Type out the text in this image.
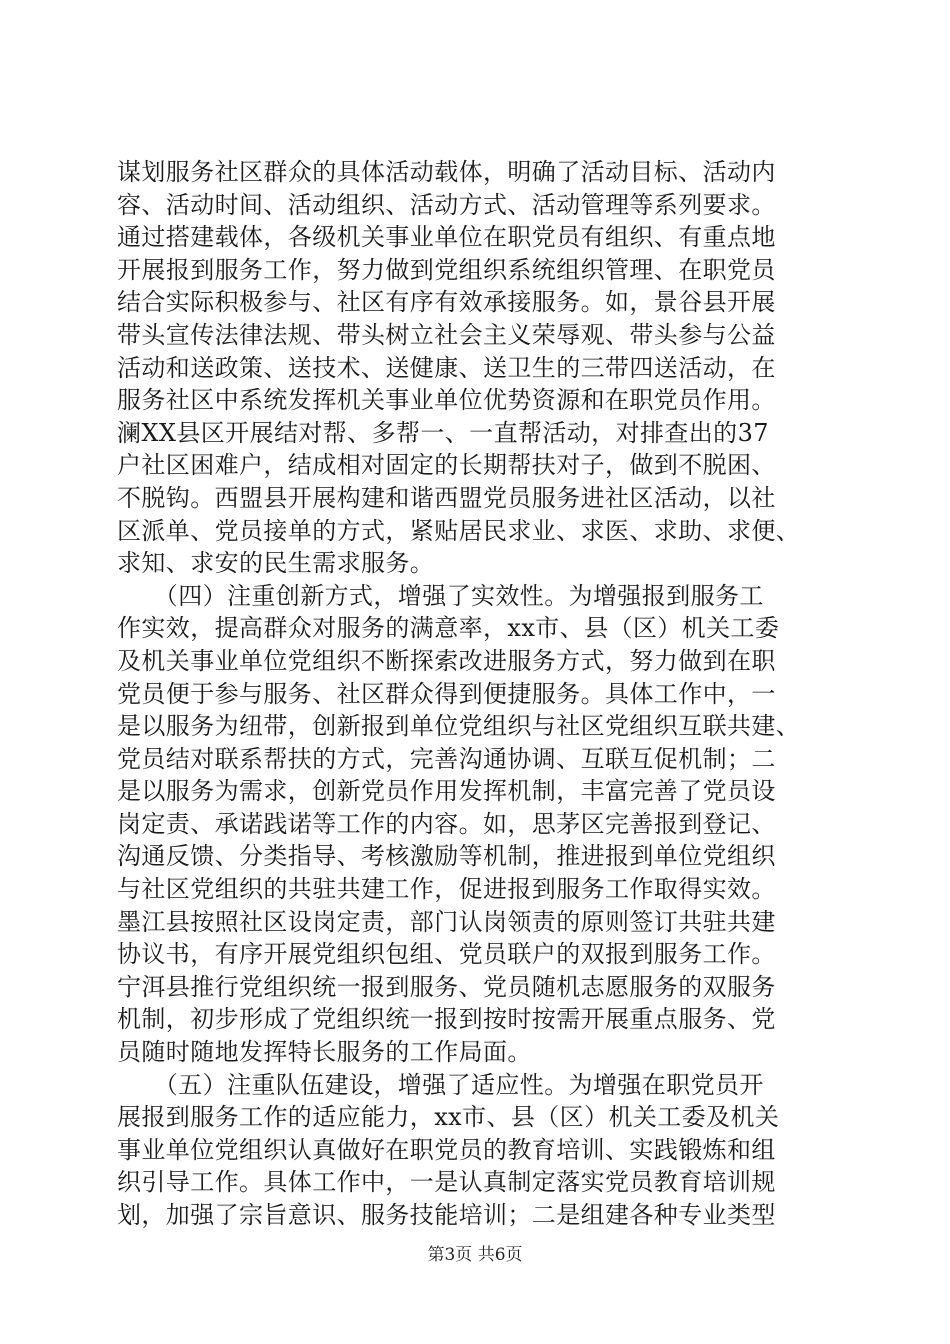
谋划服务社区群众的具体活动载体，明确了活动目标、活动内
容、活动时间、活动组织、活动方式、活动管理等系列要求。
通过搭建载体，各级机关事业单位在职党员有组织、有重点地
开展报到服务工作，努力做到党组织系统组织管理、在职党员
结合实际积极参与、社区有序有效承接服务。如，景谷县开展
带头宣传法律法规、带头树立社会主义荣辱观、带头参与公益
活动和送政策、送技术、送健康、送卫生的三带四送活动，在
服务社区中系统发挥机关事业单位优势资源和在职党员作用。
澜XX县区开展结对帮、多帮一、一直帮活动，对排查出的37
户社区困难户，结成相对固定的长期帮扶对子，做到不脱困、
不脱钩。西盟县开展构建和谐西盟党员服务进社区活动，以社
区派单、党员接单的方式，紧贴居民求业、求医、求助、求便、
求知、求安的民生需求服务。
　　（四）注重创新方式，增强了实效性。为增强报到服务工
作实效，提高群众对服务的满意率，xx市、县（区）机关工委
及机关事业单位党组织不断探索改进服务方式，努力做到在职
党员便于参与服务、社区群众得到便捷服务。具体工作中，一
是以服务为纽带，创新报到单位党组织与社区党组织互联共建、
党员结对联系帮扶的方式，完善沟通协调、互联互促机制；二
是以服务为需求，创新党员作用发挥机制，丰富完善了党员设
岗定责、承诺践诺等工作的内容。如，思茅区完善报到登记、
沟通反馈、分类指导、考核激励等机制，推进报到单位党组织
与社区党组织的共驻共建工作，促进报到服务工作取得实效。
墨江县按照社区设岗定责，部门认岗领责的原则签订共驻共建
协议书，有序开展党组织包组、党员联户的双报到服务工作。
宁洱县推行党组织统一报到服务、党员随机志愿服务的双服务
机制，初步形成了党组织统一报到按时按需开展重点服务、党
员随时随地发挥特长服务的工作局面。
　　（五）注重队伍建设，增强了适应性。为增强在职党员开
展报到服务工作的适应能力，xx市、县（区）机关工委及机关
事业单位党组织认真做好在职党员的教育培训、实践锻炼和组
织引导工作。具体工作中，一是认真制定落实党员教育培训规
划，加强了宗旨意识、服务技能培训；二是组建各种专业类型
第3页 共6页
